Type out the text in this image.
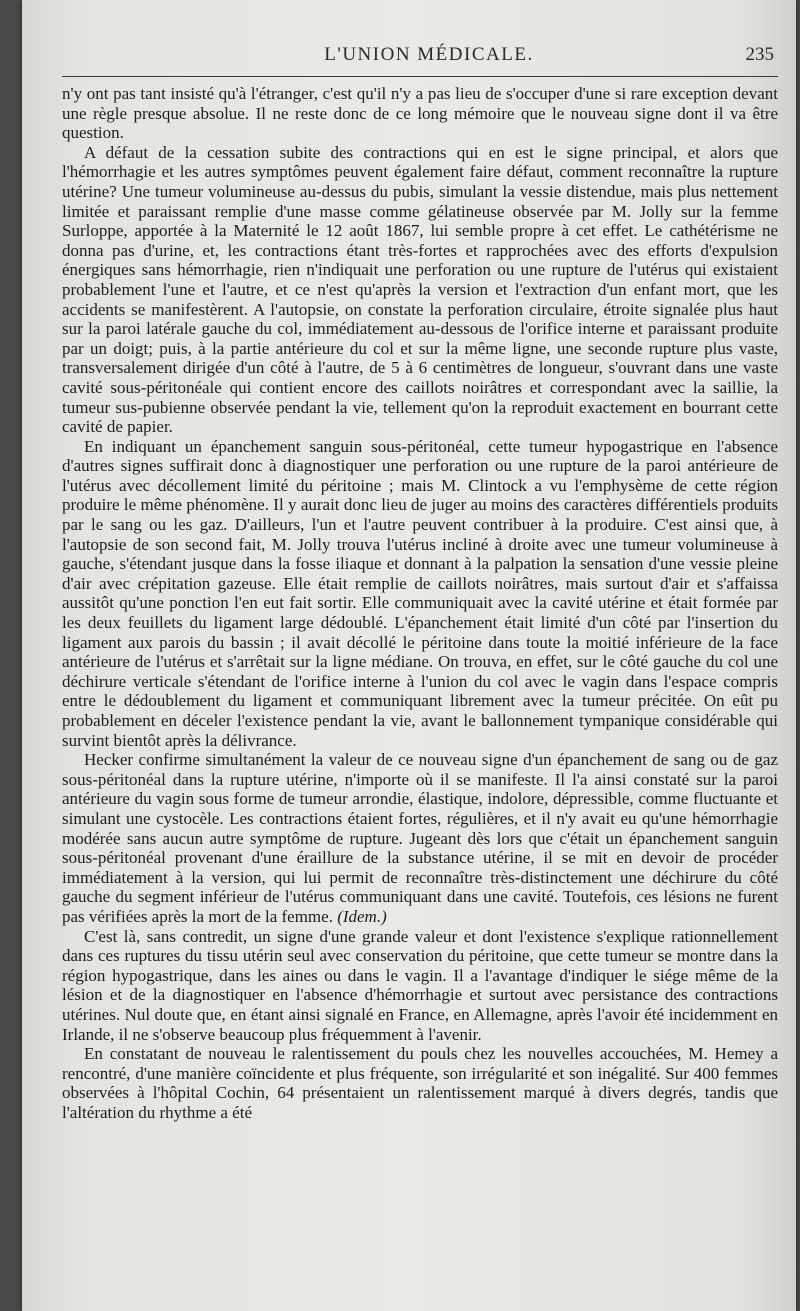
L'UNION MÉDICALE.	235

n'y ont pas tant insisté qu'à l'étranger, c'est qu'il n'y a pas lieu de s'occuper d'une si rare exception devant une règle presque absolue. Il ne reste donc de ce long mémoire que le nouveau signe dont il va être question.

A défaut de la cessation subite des contractions qui en est le signe principal, et alors que l'hémorrhagie et les autres symptômes peuvent également faire défaut, comment reconnaître la rupture utérine? Une tumeur volumineuse au-dessus du pubis, simulant la vessie distendue, mais plus nettement limitée et paraissant remplie d'une masse comme gélatineuse observée par M. Jolly sur la femme Surloppe, apportée à la Maternité le 12 août 1867, lui semble propre à cet effet. Le cathétérisme ne donna pas d'urine, et, les contractions étant très-fortes et rapprochées avec des efforts d'expulsion énergiques sans hémorrhagie, rien n'indiquait une perforation ou une rupture de l'utérus qui existaient probablement l'une et l'autre, et ce n'est qu'après la version et l'extraction d'un enfant mort, que les accidents se manifestèrent. A l'autopsie, on constate la perforation circulaire, étroite signalée plus haut sur la paroi latérale gauche du col, immédiatement au-dessous de l'orifice interne et paraissant produite par un doigt; puis, à la partie antérieure du col et sur la même ligne, une seconde rupture plus vaste, transversalement dirigée d'un côté à l'autre, de 5 à 6 centimètres de longueur, s'ouvrant dans une vaste cavité sous-péritonéale qui contient encore des caillots noirâtres et correspondant avec la saillie, la tumeur sus-pubienne observée pendant la vie, tellement qu'on la reproduit exactement en bourrant cette cavité de papier.

En indiquant un épanchement sanguin sous-péritonéal, cette tumeur hypogastrique en l'absence d'autres signes suffirait donc à diagnostiquer une perforation ou une rupture de la paroi antérieure de l'utérus avec décollement limité du péritoine ; mais M. Clintock a vu l'emphysème de cette région produire le même phénomène. Il y aurait donc lieu de juger au moins des caractères différentiels produits par le sang ou les gaz. D'ailleurs, l'un et l'autre peuvent contribuer à la produire. C'est ainsi que, à l'autopsie de son second fait, M. Jolly trouva l'utérus incliné à droite avec une tumeur volumineuse à gauche, s'étendant jusque dans la fosse iliaque et donnant à la palpation la sensation d'une vessie pleine d'air avec crépitation gazeuse. Elle était remplie de caillots noirâtres, mais surtout d'air et s'affaissa aussitôt qu'une ponction l'en eut fait sortir. Elle communiquait avec la cavité utérine et était formée par les deux feuillets du ligament large dédoublé. L'épanchement était limité d'un côté par l'insertion du ligament aux parois du bassin ; il avait décollé le péritoine dans toute la moitié inférieure de la face antérieure de l'utérus et s'arrêtait sur la ligne médiane. On trouva, en effet, sur le côté gauche du col une déchirure verticale s'étendant de l'orifice interne à l'union du col avec le vagin dans l'espace compris entre le dédoublement du ligament et communiquant librement avec la tumeur précitée. On eût pu probablement en déceler l'existence pendant la vie, avant le ballonnement tympanique considérable qui survint bientôt après la délivrance.

Hecker confirme simultanément la valeur de ce nouveau signe d'un épanchement de sang ou de gaz sous-péritonéal dans la rupture utérine, n'importe où il se manifeste. Il l'a ainsi constaté sur la paroi antérieure du vagin sous forme de tumeur arrondie, élastique, indolore, dépressible, comme fluctuante et simulant une cystocèle. Les contractions étaient fortes, régulières, et il n'y avait eu qu'une hémorrhagie modérée sans aucun autre symptôme de rupture. Jugeant dès lors que c'était un épanchement sanguin sous-péritonéal provenant d'une éraillure de la substance utérine, il se mit en devoir de procéder immédiatement à la version, qui lui permit de reconnaître très-distinctement une déchirure du côté gauche du segment inférieur de l'utérus communiquant dans une cavité. Toutefois, ces lésions ne furent pas vérifiées après la mort de la femme. (Idem.)

C'est là, sans contredit, un signe d'une grande valeur et dont l'existence s'explique rationnellement dans ces ruptures du tissu utérin seul avec conservation du péritoine, que cette tumeur se montre dans la région hypogastrique, dans les aines ou dans le vagin. Il a l'avantage d'indiquer le siége même de la lésion et de la diagnostiquer en l'absence d'hémorrhagie et surtout avec persistance des contractions utérines. Nul doute que, en étant ainsi signalé en France, en Allemagne, après l'avoir été incidemment en Irlande, il ne s'observe beaucoup plus fréquemment à l'avenir.

En constatant de nouveau le ralentissement du pouls chez les nouvelles accouchées, M. Hemey a rencontré, d'une manière coïncidente et plus fréquente, son irrégularité et son inégalité. Sur 400 femmes observées à l'hôpital Cochin, 64 présentaient un ralentissement marqué à divers degrés, tandis que l'altération du rhythme a été
